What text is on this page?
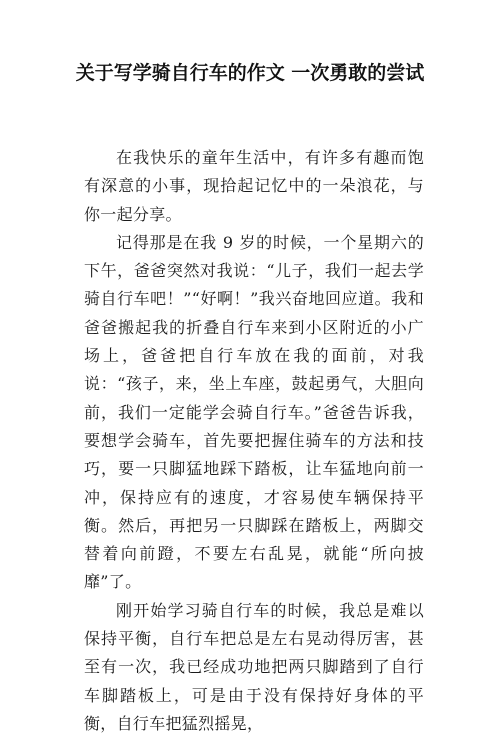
关于写学骑自行车的作文 一次勇敢的尝试

在我快乐的童年生活中，有许多有趣而饱有深意的小事，现拾起记忆中的一朵浪花，与你一起分享。

记得那是在我 9 岁的时候，一个星期六的下午，爸爸突然对我说：“儿子，我们一起去学骑自行车吧！”“好啊！”我兴奋地回应道。我和爸爸搬起我的折叠自行车来到小区附近的小广场上，爸爸把自行车放在我的面前，对我说：“孩子，来，坐上车座，鼓起勇气，大胆向前，我们一定能学会骑自行车。”爸爸告诉我，要想学会骑车，首先要把握住骑车的方法和技巧，要一只脚猛地踩下踏板，让车猛地向前一冲，保持应有的速度，才容易使车辆保持平衡。然后，再把另一只脚踩在踏板上，两脚交替着向前蹬，不要左右乱晃，就能“所向披靡”了。

刚开始学习骑自行车的时候，我总是难以保持平衡，自行车把总是左右晃动得厉害，甚至有一次，我已经成功地把两只脚踏到了自行车脚踏板上，可是由于没有保持好身体的平衡，自行车把猛烈摇晃，
